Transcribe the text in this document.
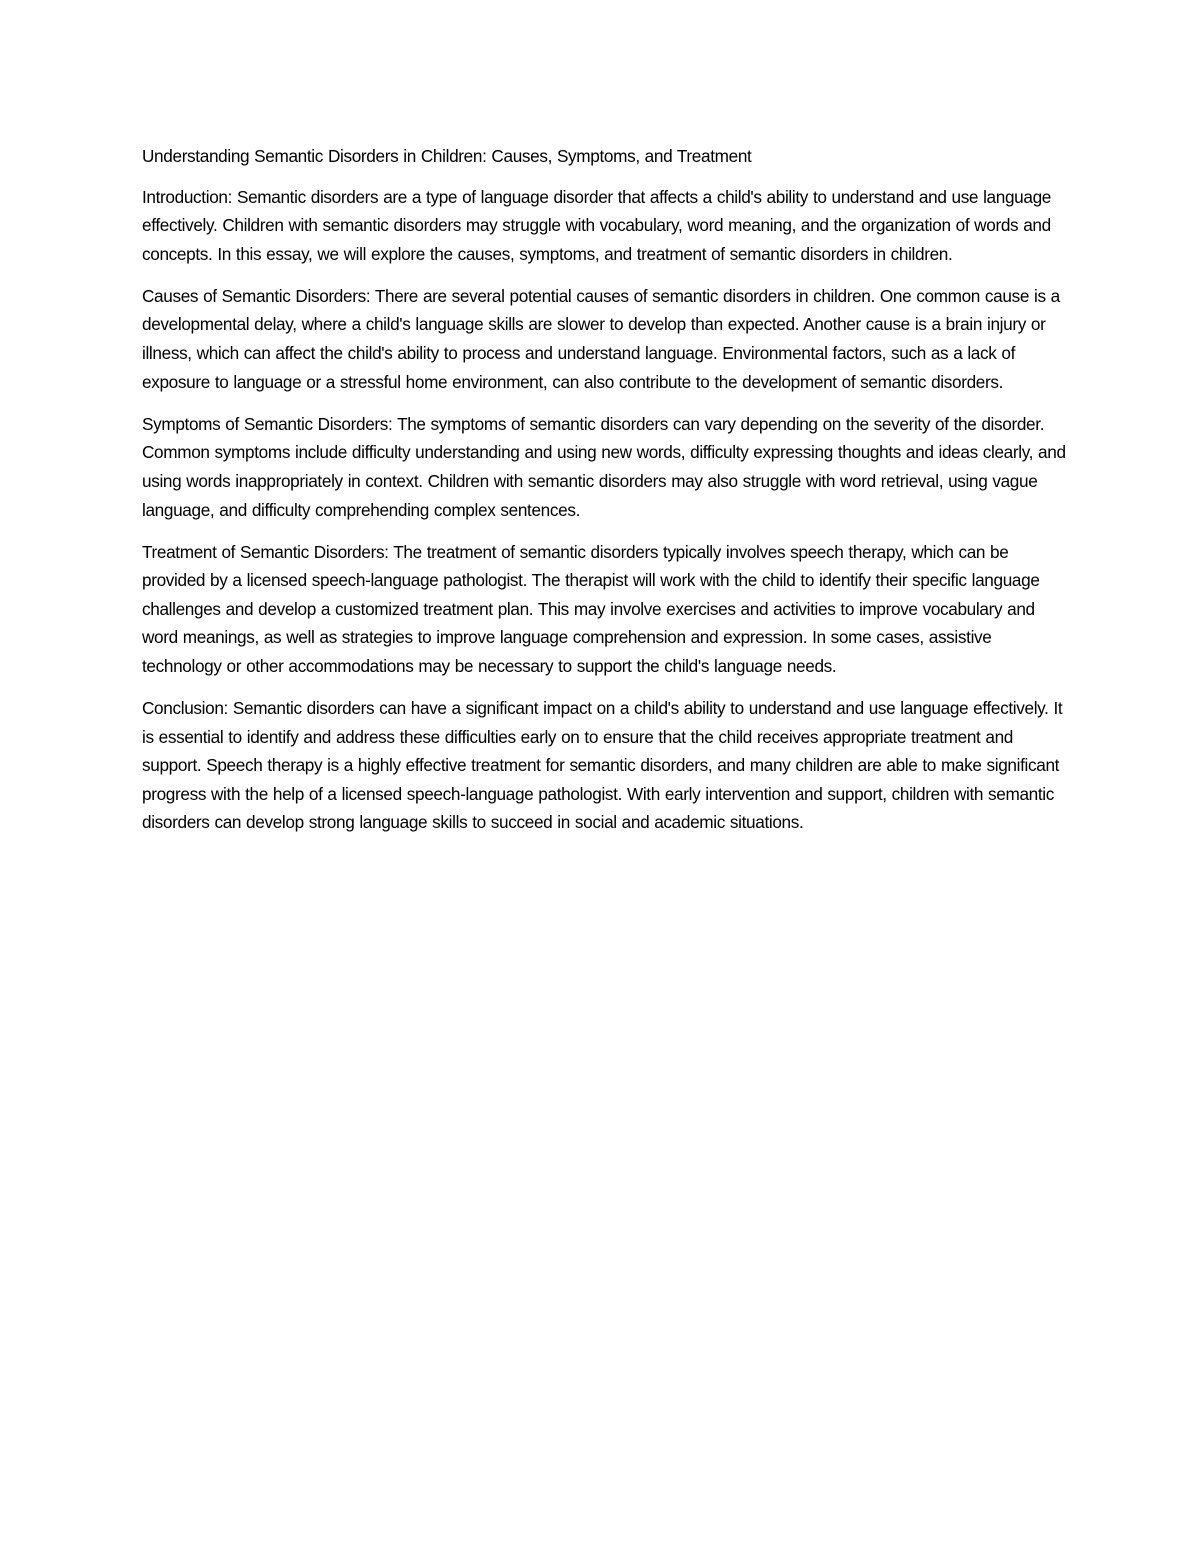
Understanding Semantic Disorders in Children: Causes, Symptoms, and Treatment

Introduction: Semantic disorders are a type of language disorder that affects a child's ability to understand and use language effectively. Children with semantic disorders may struggle with vocabulary, word meaning, and the organization of words and concepts. In this essay, we will explore the causes, symptoms, and treatment of semantic disorders in children.

Causes of Semantic Disorders: There are several potential causes of semantic disorders in children. One common cause is a developmental delay, where a child's language skills are slower to develop than expected. Another cause is a brain injury or illness, which can affect the child's ability to process and understand language. Environmental factors, such as a lack of exposure to language or a stressful home environment, can also contribute to the development of semantic disorders.

Symptoms of Semantic Disorders: The symptoms of semantic disorders can vary depending on the severity of the disorder. Common symptoms include difficulty understanding and using new words, difficulty expressing thoughts and ideas clearly, and using words inappropriately in context. Children with semantic disorders may also struggle with word retrieval, using vague language, and difficulty comprehending complex sentences.

Treatment of Semantic Disorders: The treatment of semantic disorders typically involves speech therapy, which can be provided by a licensed speech-language pathologist. The therapist will work with the child to identify their specific language challenges and develop a customized treatment plan. This may involve exercises and activities to improve vocabulary and word meanings, as well as strategies to improve language comprehension and expression. In some cases, assistive technology or other accommodations may be necessary to support the child's language needs.

Conclusion: Semantic disorders can have a significant impact on a child's ability to understand and use language effectively. It is essential to identify and address these difficulties early on to ensure that the child receives appropriate treatment and support. Speech therapy is a highly effective treatment for semantic disorders, and many children are able to make significant progress with the help of a licensed speech-language pathologist. With early intervention and support, children with semantic disorders can develop strong language skills to succeed in social and academic situations.
